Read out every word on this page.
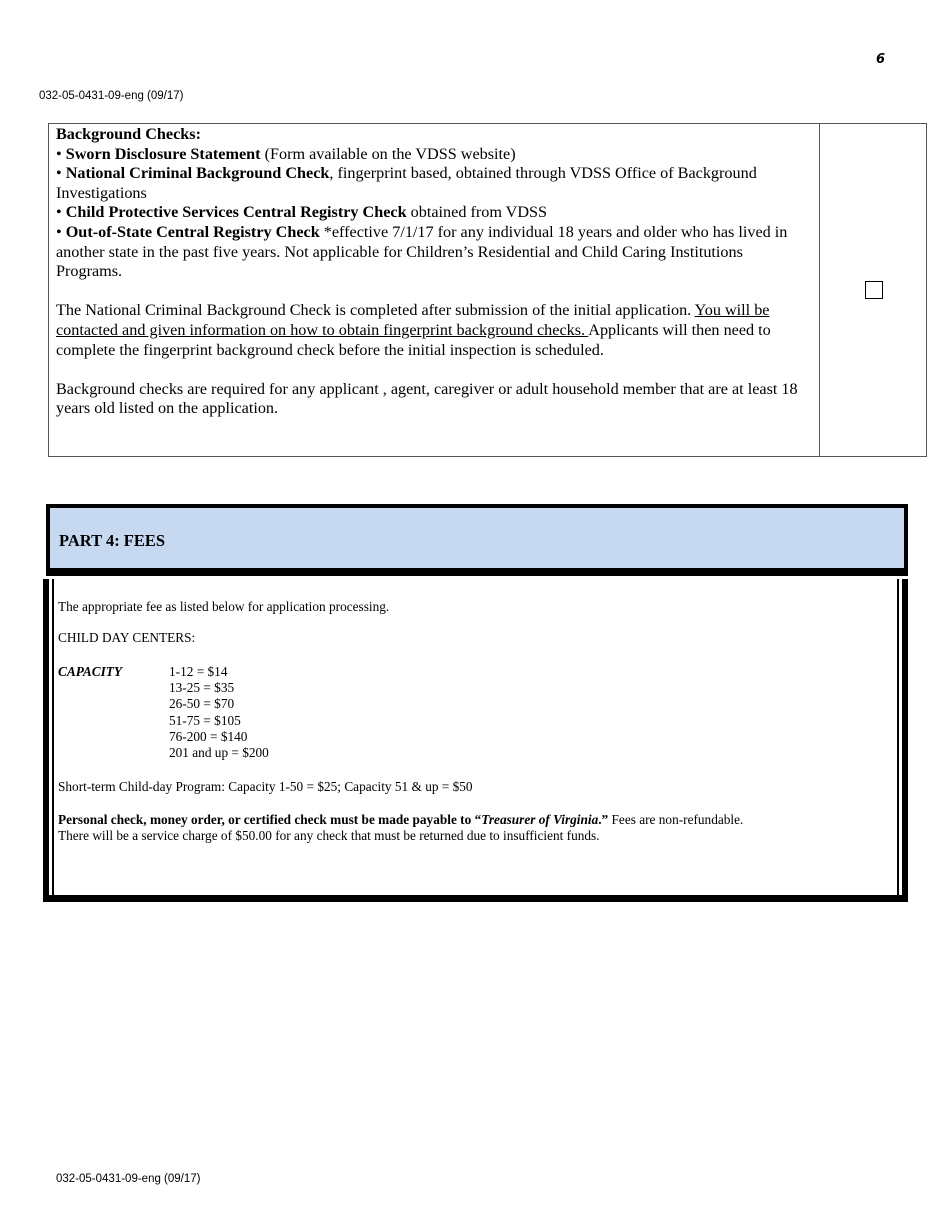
6
032-05-0431-09-eng (09/17)

Background Checks:

• Sworn Disclosure Statement (Form available on the VDSS website)

• National Criminal Background Check, fingerprint based, obtained through VDSS Office of Background Investigations

• Child Protective Services Central Registry Check obtained from VDSS

• Out-of-State Central Registry Check *effective 7/1/17 for any individual 18 years and older who has lived in another state in the past five years. Not applicable for Children’s Residential and Child Caring Institutions Programs.

The National Criminal Background Check is completed after submission of the initial application. You will be contacted and given information on how to obtain fingerprint background checks. Applicants will then need to complete the fingerprint background check before the initial inspection is scheduled.

Background checks are required for any applicant , agent, caregiver or adult household member that are at least 18 years old listed on the application.

PART 4: FEES
The appropriate fee as listed below for application processing.
CHILD DAY CENTERS:
CAPACITY	1-12 = $14
13-25 = $35
26-50 = $70
51-75 = $105
76-200 = $140
201 and up = $200
Short-term Child-day Program: Capacity 1-50 = $25; Capacity 51 & up = $50
Personal check, money order, or certified check must be made payable to “Treasurer of Virginia.” Fees are non-refundable.
There will be a service charge of $50.00 for any check that must be returned due to insufficient funds.
032-05-0431-09-eng (09/17)
